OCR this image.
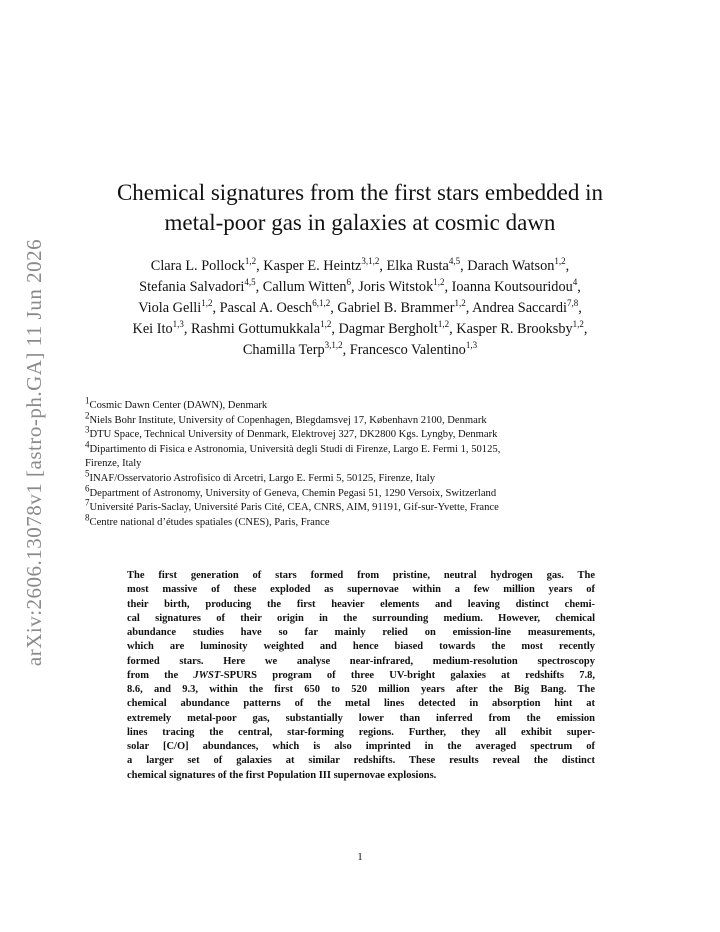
arXiv:2606.13078v1 [astro-ph.GA] 11 Jun 2026
Chemical signatures from the first stars embedded in
metal-poor gas in galaxies at cosmic dawn
Clara L. Pollock$^{1,2}$, Kasper E. Heintz$^{3,1,2}$, Elka Rusta$^{4,5}$, Darach Watson$^{1,2}$,
Stefania Salvadori$^{4,5}$, Callum Witten$^6$, Joris Witstok$^{1,2}$, Ioanna Koutsouridou$^4$,
Viola Gelli$^{1,2}$, Pascal A. Oesch$^{6,1,2}$, Gabriel B. Brammer$^{1,2}$, Andrea Saccardi$^{7,8}$,
Kei Ito$^{1,3}$, Rashmi Gottumukkala$^{1,2}$, Dagmar Bergholt$^{1,2}$, Kasper R. Brooksby$^{1,2}$,
Chamilla Terp$^{3,1,2}$, Francesco Valentino$^{1,3}$
$^1$Cosmic Dawn Center (DAWN), Denmark
$^2$Niels Bohr Institute, University of Copenhagen, Blegdamsvej 17, København 2100, Denmark
$^3$DTU Space, Technical University of Denmark, Elektrovej 327, DK2800 Kgs. Lyngby, Denmark
$^4$Dipartimento di Fisica e Astronomia, Università degli Studi di Firenze, Largo E. Fermi 1, 50125,
Firenze, Italy
$^5$INAF/Osservatorio Astrofisico di Arcetri, Largo E. Fermi 5, 50125, Firenze, Italy
$^6$Department of Astronomy, University of Geneva, Chemin Pegasi 51, 1290 Versoix, Switzerland
$^7$Université Paris-Saclay, Université Paris Cité, CEA, CNRS, AIM, 91191, Gif-sur-Yvette, France
$^8$Centre national d’études spatiales (CNES), Paris, France
The first generation of stars formed from pristine, neutral hydrogen gas. The
most massive of these exploded as supernovae within a few million years of
their birth, producing the first heavier elements and leaving distinct chemi-
cal signatures of their origin in the surrounding medium. However, chemical
abundance studies have so far mainly relied on emission-line measurements,
which are luminosity weighted and hence biased towards the most recently
formed stars. Here we analyse near-infrared, medium-resolution spectroscopy
from the JWST-SPURS program of three UV-bright galaxies at redshifts 7.8,
8.6, and 9.3, within the first 650 to 520 million years after the Big Bang. The
chemical abundance patterns of the metal lines detected in absorption hint at
extremely metal-poor gas, substantially lower than inferred from the emission
lines tracing the central, star-forming regions. Further, they all exhibit super-
solar [C/O] abundances, which is also imprinted in the averaged spectrum of
a larger set of galaxies at similar redshifts. These results reveal the distinct
chemical signatures of the first Population III supernovae explosions.
1
